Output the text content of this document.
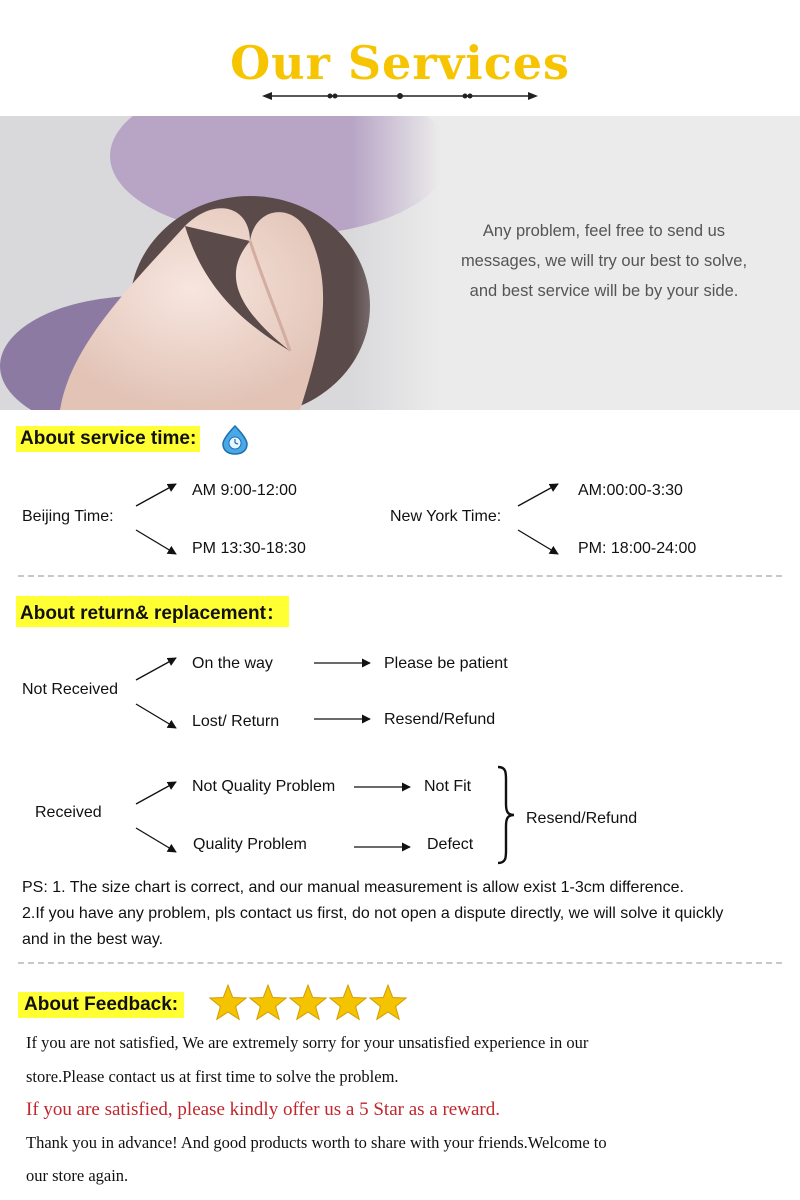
Our Services
Any problem, feel free to send us
messages, we will try our best to solve,
and best service will be by your side.
About service time:
Beijing Time:
AM 9:00-12:00
PM 13:30-18:30
New York Time:
AM:00:00-3:30
PM: 18:00-24:00
About return& replacement：
Not Received
On the way	Please be patient
Lost/ Return	Resend/Refund
Received
Not Quality Problem	Not Fit
Quality Problem	Defect
Resend/Refund
PS: 1. The size chart is correct, and our manual measurement is allow exist 1-3cm difference.
2.If you have any problem, pls contact us first, do not open a dispute directly, we will solve it quickly
and in the best way.
About Feedback:
If you are not satisfied, We are extremely sorry for your unsatisfied experience in our
store.Please contact us at first time to solve the problem.
If you are satisfied, please kindly offer us a 5 Star as a reward.
Thank you in advance! And good products worth to share with your friends.Welcome to
our store again.
